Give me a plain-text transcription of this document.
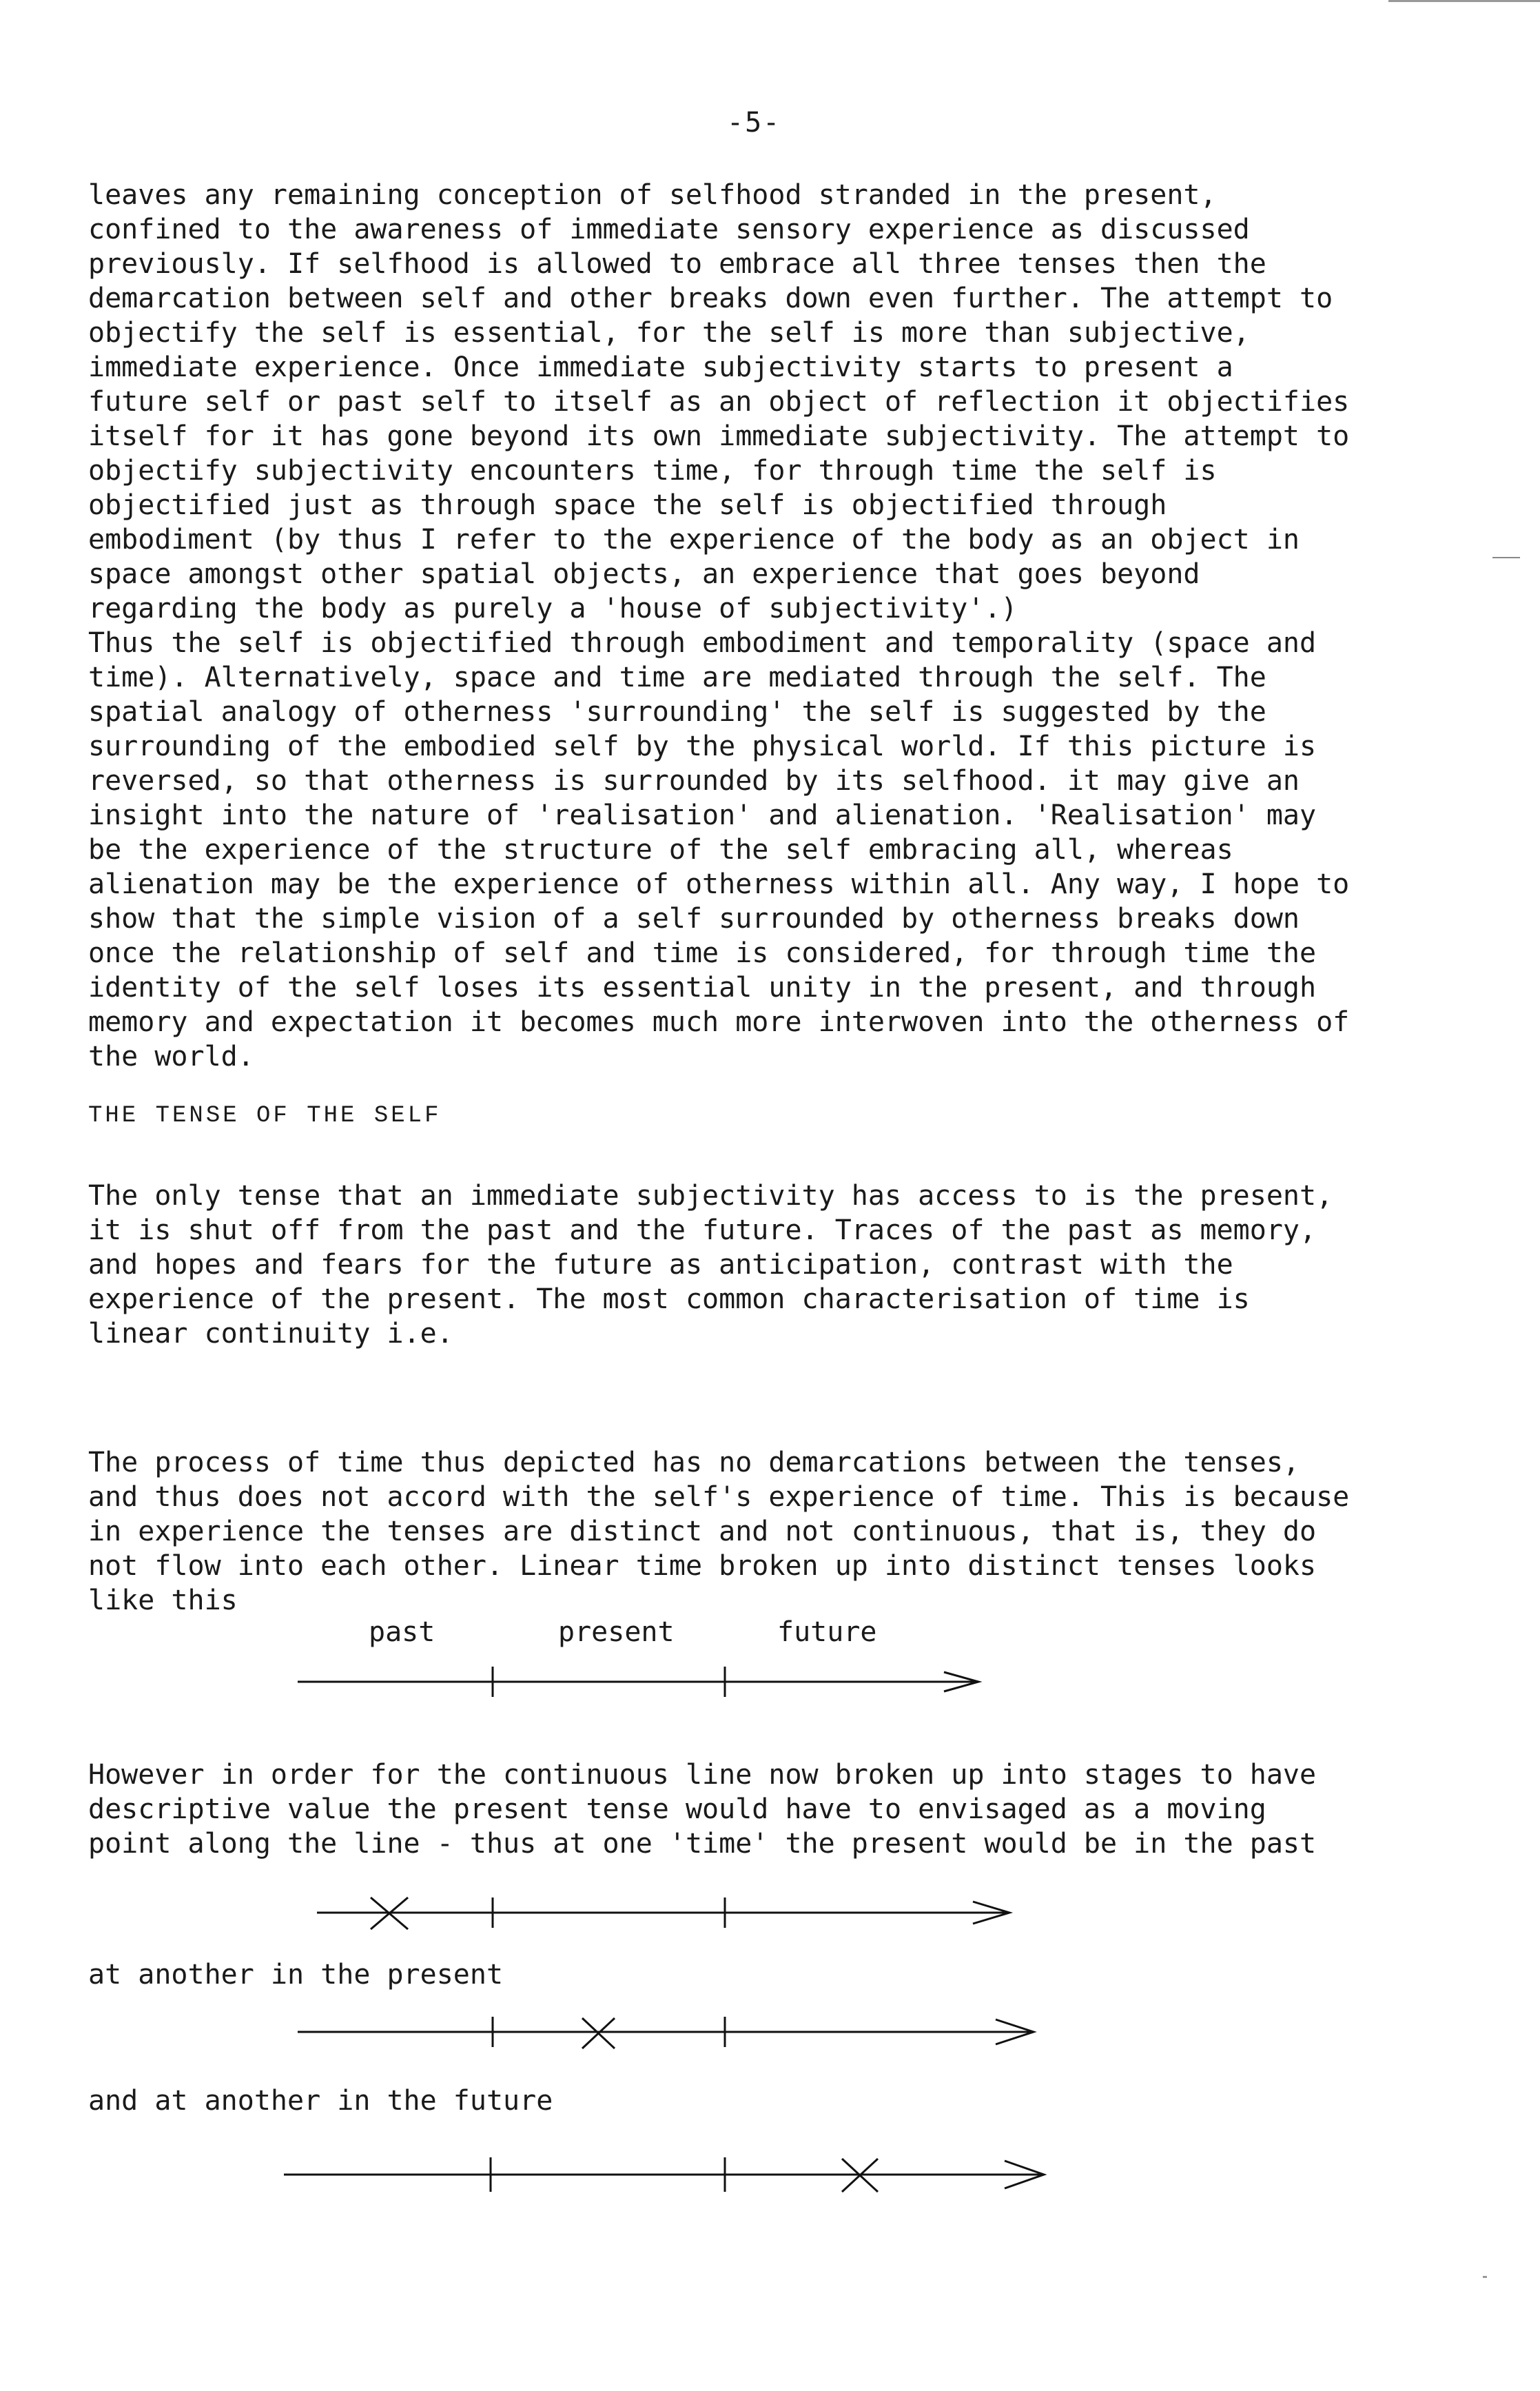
-5-
leaves any remaining conception of selfhood stranded in the present,
confined to the awareness of immediate sensory experience as discussed
previously. If selfhood is allowed to embrace all three tenses then the
demarcation between self and other breaks down even further. The attempt to
objectify the self is essential, for the self is more than subjective,
immediate experience. Once immediate subjectivity starts to present a
future self or past self to itself as an object of reflection it objectifies
itself for it has gone beyond its own immediate subjectivity. The attempt to
objectify subjectivity encounters time, for through time the self is
objectified just as through space the self is objectified through
embodiment (by thus I refer to the experience of the body as an object in
space amongst other spatial objects, an experience that goes beyond
regarding the body as purely a 'house of subjectivity'.)
Thus the self is objectified through embodiment and temporality (space and
time). Alternatively, space and time are mediated through the self. The
spatial analogy of otherness 'surrounding' the self is suggested by the
surrounding of the embodied self by the physical world. If this picture is
reversed, so that otherness is surrounded by its selfhood. it may give an
insight into the nature of 'realisation' and alienation. 'Realisation' may
be the experience of the structure of the self embracing all, whereas
alienation may be the experience of otherness within all. Any way, I hope to
show that the simple vision of a self surrounded by otherness breaks down
once the relationship of self and time is considered, for through time the
identity of the self loses its essential unity in the present, and through
memory and expectation it becomes much more interwoven into the otherness of
the world.
THE TENSE OF THE SELF
The only tense that an immediate subjectivity has access to is the present,
it is shut off from the past and the future. Traces of the past as memory,
and hopes and fears for the future as anticipation, contrast with the
experience of the present. The most common characterisation of time is
linear continuity i.e.
The process of time thus depicted has no demarcations between the tenses,
and thus does not accord with the self's experience of time. This is because
in experience the tenses are distinct and not continuous, that is, they do
not flow into each other. Linear time broken up into distinct tenses looks
like this
past	present	future
However in order for the continuous line now broken up into stages to have
descriptive value the present tense would have to envisaged as a moving
point along the line - thus at one 'time' the present would be in the past
at another in the present
and at another in the future
